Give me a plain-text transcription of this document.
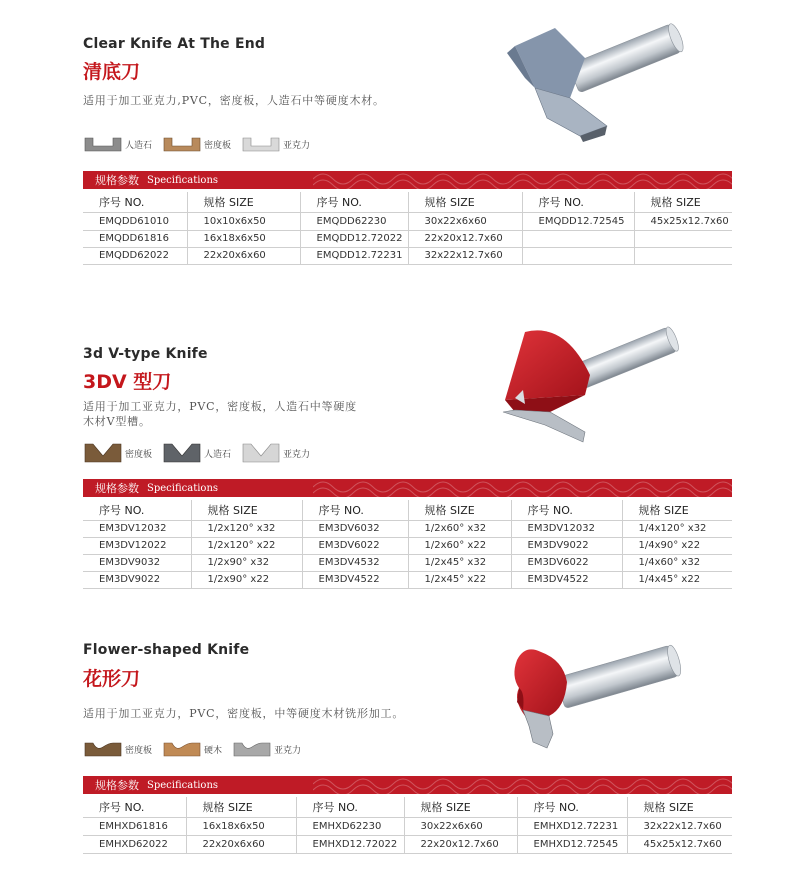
Clear Knife At The End
清底刀
适用于加工亚克力,PVC，密度板，人造石中等硬度木材。
人造石	密度板	亚克力
规格参数 Specifications
序号 NO.	规格 SIZE	序号 NO.	规格 SIZE	序号 NO.	规格 SIZE
EMQDD61010	10x10x6x50	EMQDD62230	30x22x6x60	EMQDD12.72545	45x25x12.7x60
EMQDD61816	16x18x6x50	EMQDD12.72022	22x20x12.7x60		
EMQDD62022	22x20x6x60	EMQDD12.72231	32x22x12.7x60		
3d V-type Knife
3DV 型刀
适用于加工亚克力，PVC，密度板，人造石中等硬度
木材V型槽。
密度板	人造石	亚克力
规格参数 Specifications
序号 NO.	规格 SIZE	序号 NO.	规格 SIZE	序号 NO.	规格 SIZE
EM3DV12032	1/2x120° x32	EM3DV6032	1/2x60° x32	EM3DV12032	1/4x120° x32
EM3DV12022	1/2x120° x22	EM3DV6022	1/2x60° x22	EM3DV9022	1/4x90° x22
EM3DV9032	1/2x90° x32	EM3DV4532	1/2x45° x32	EM3DV6022	1/4x60° x32
EM3DV9022	1/2x90° x22	EM3DV4522	1/2x45° x22	EM3DV4522	1/4x45° x22
Flower-shaped Knife
花形刀
适用于加工亚克力，PVC，密度板，中等硬度木材铣形加工。
密度板	硬木	亚克力
规格参数 Specifications
序号 NO.	规格 SIZE	序号 NO.	规格 SIZE	序号 NO.	规格 SIZE
EMHXD61816	16x18x6x50	EMHXD62230	30x22x6x60	EMHXD12.72231	32x22x12.7x60
EMHXD62022	22x20x6x60	EMHXD12.72022	22x20x12.7x60	EMHXD12.72545	45x25x12.7x60
